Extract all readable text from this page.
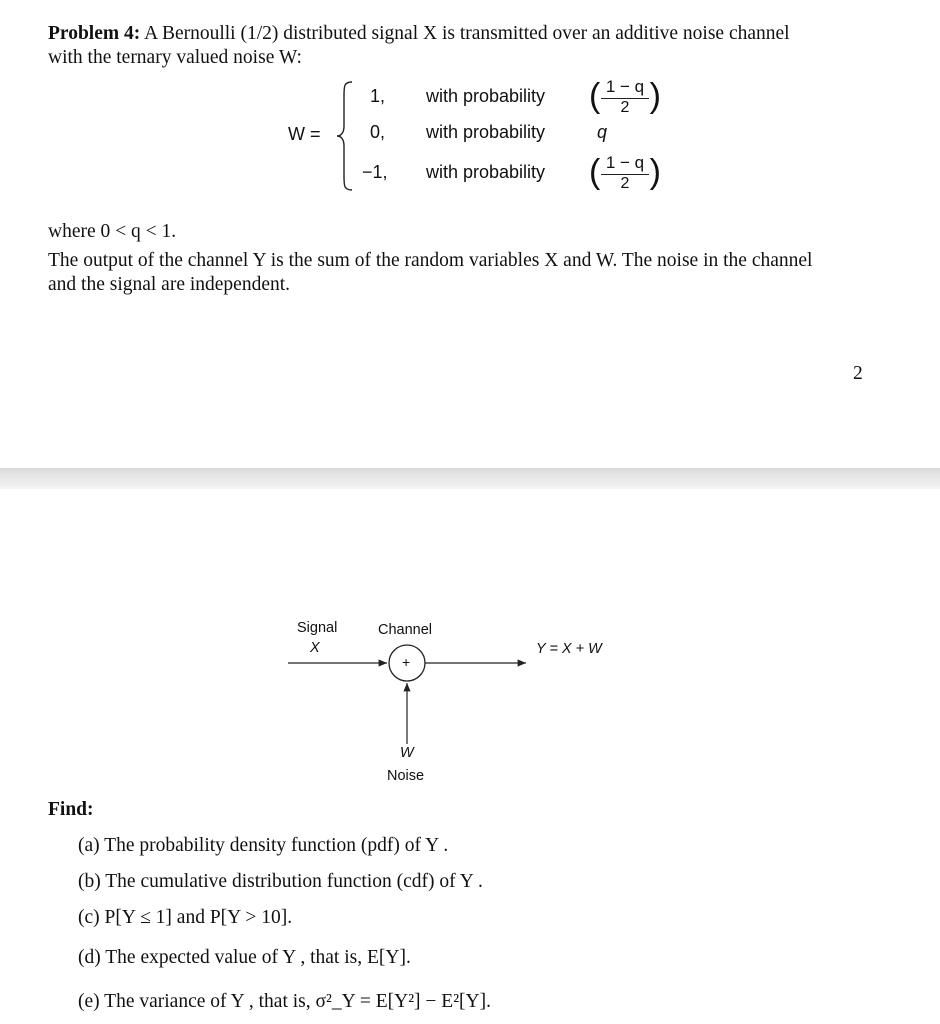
Problem 4: A Bernoulli (1/2) distributed signal X is transmitted over an additive noise channel
with the ternary valued noise W:
W =
1, with probability ( 1 − q
2 )
0, with probability	q
−1, with probability ( 1 − q
2 )
where 0 < q < 1.
The output of the channel Y is the sum of the random variables X and W. The noise in the channel
and the signal are independent.
2
Signal
X
Channel
Y = X + W
+
W
Noise
Find:
(a) The probability density function (pdf) of Y .
(b) The cumulative distribution function (cdf) of Y .
(c) P[Y ≤ 1] and P[Y > 10].
(d) The expected value of Y , that is, E[Y].
(e) The variance of Y , that is, σ²_Y = E[Y²] − E²[Y].
